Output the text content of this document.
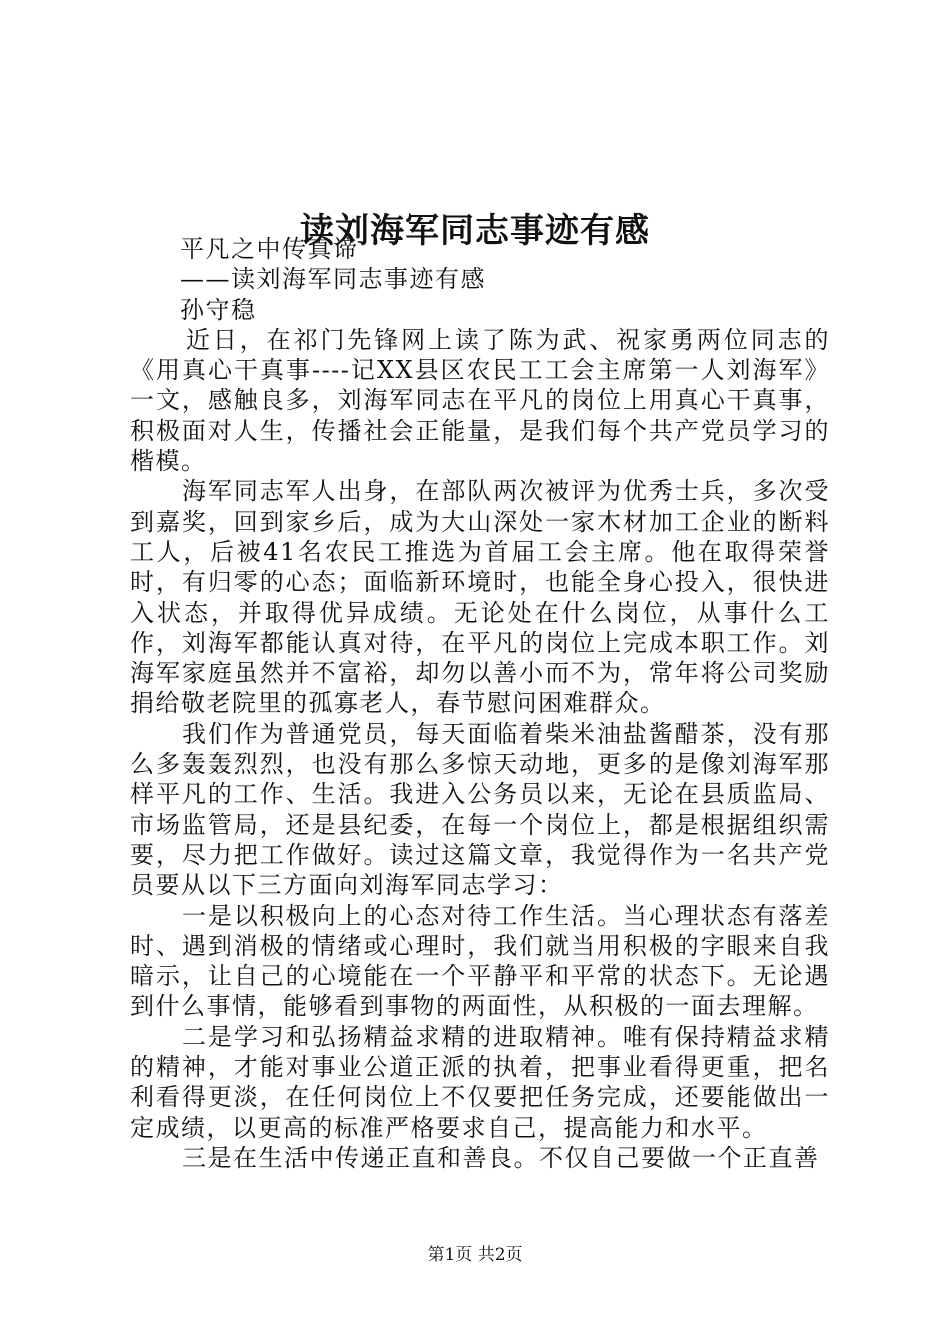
读刘海军同志事迹有感

平凡之中传真谛

——读刘海军同志事迹有感

孙守稳

近日，在祁门先锋网上读了陈为武、祝家勇两位同志的《用真心干真事----记XX县区农民工工会主席第一人刘海军》一文，感触良多，刘海军同志在平凡的岗位上用真心干真事，积极面对人生，传播社会正能量，是我们每个共产党员学习的楷模。

海军同志军人出身，在部队两次被评为优秀士兵，多次受到嘉奖，回到家乡后，成为大山深处一家木材加工企业的断料工人，后被41名农民工推选为首届工会主席。他在取得荣誉时，有归零的心态；面临新环境时，也能全身心投入，很快进入状态，并取得优异成绩。无论处在什么岗位，从事什么工作，刘海军都能认真对待，在平凡的岗位上完成本职工作。刘海军家庭虽然并不富裕，却勿以善小而不为，常年将公司奖励捐给敬老院里的孤寡老人，春节慰问困难群众。

我们作为普通党员，每天面临着柴米油盐酱醋茶，没有那么多轰轰烈烈，也没有那么多惊天动地，更多的是像刘海军那样平凡的工作、生活。我进入公务员以来，无论在县质监局、市场监管局，还是县纪委，在每一个岗位上，都是根据组织需要，尽力把工作做好。读过这篇文章，我觉得作为一名共产党员要从以下三方面向刘海军同志学习：

一是以积极向上的心态对待工作生活。当心理状态有落差时、遇到消极的情绪或心理时，我们就当用积极的字眼来自我暗示，让自己的心境能在一个平静平和平常的状态下。无论遇到什么事情，能够看到事物的两面性，从积极的一面去理解。

二是学习和弘扬精益求精的进取精神。唯有保持精益求精的精神，才能对事业公道正派的执着，把事业看得更重，把名利看得更淡，在任何岗位上不仅要把任务完成，还要能做出一定成绩，以更高的标准严格要求自己，提高能力和水平。

三是在生活中传递正直和善良。不仅自己要做一个正直善

第1页 共2页
